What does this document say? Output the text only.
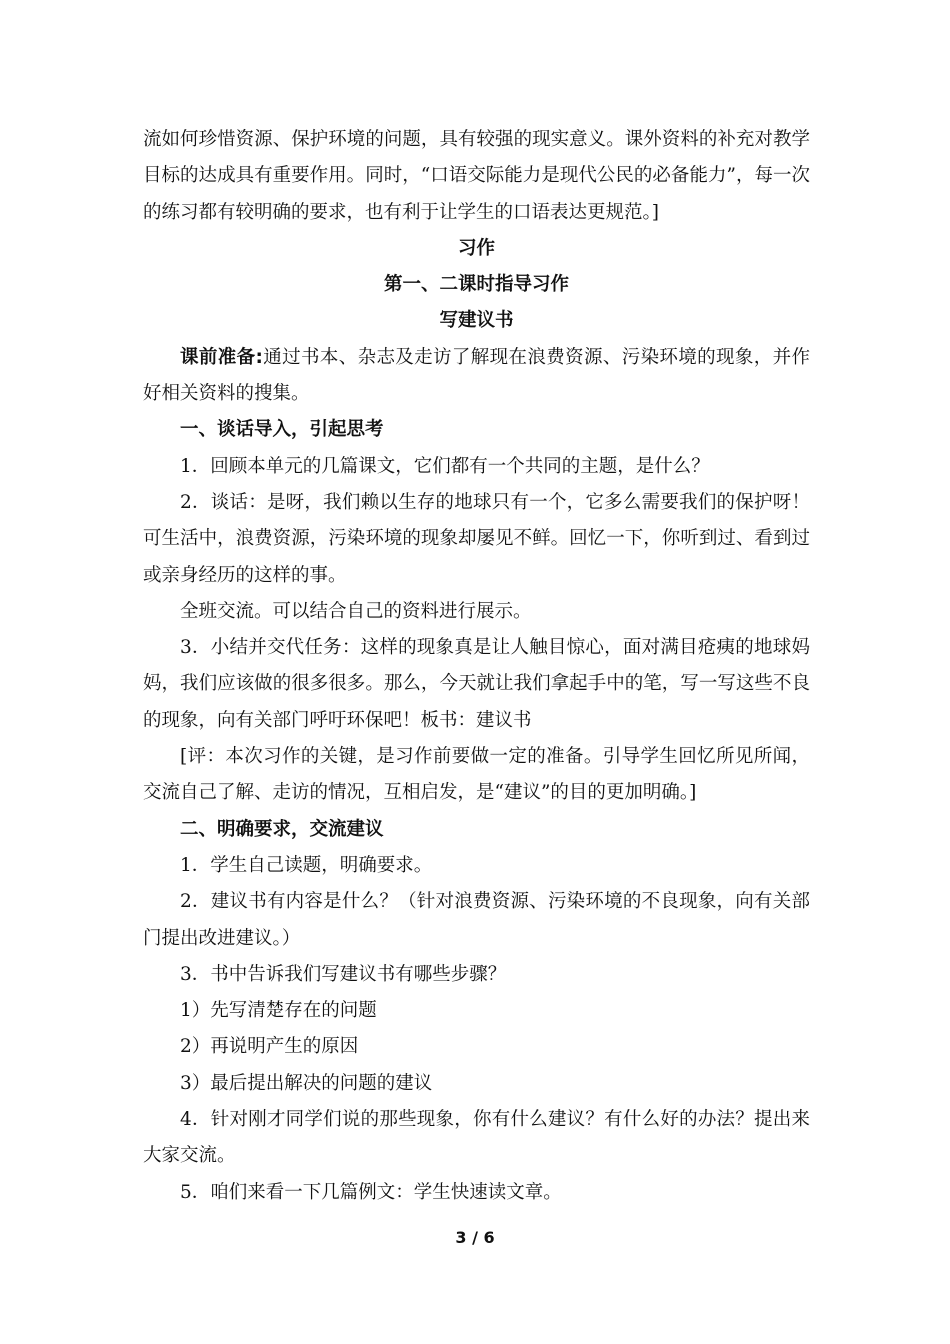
流如何珍惜资源、保护环境的问题，具有较强的现实意义。课外资料的补充对教学目标的达成具有重要作用。同时，“口语交际能力是现代公民的必备能力”，每一次的练习都有较明确的要求，也有利于让学生的口语表达更规范。]

习作

第一、二课时指导习作

写建议书

课前准备:通过书本、杂志及走访了解现在浪费资源、污染环境的现象，并作好相关资料的搜集。

一、谈话导入，引起思考

1．回顾本单元的几篇课文，它们都有一个共同的主题，是什么？

2．谈话：是呀，我们赖以生存的地球只有一个，它多么需要我们的保护呀！可生活中，浪费资源，污染环境的现象却屡见不鲜。回忆一下，你听到过、看到过或亲身经历的这样的事。

全班交流。可以结合自己的资料进行展示。

3．小结并交代任务：这样的现象真是让人触目惊心，面对满目疮痍的地球妈妈，我们应该做的很多很多。那么，今天就让我们拿起手中的笔，写一写这些不良的现象，向有关部门呼吁环保吧！板书：建议书

[评：本次习作的关键，是习作前要做一定的准备。引导学生回忆所见所闻，交流自己了解、走访的情况，互相启发，是“建议”的目的更加明确。]

二、明确要求，交流建议

1．学生自己读题，明确要求。

2．建议书有内容是什么？（针对浪费资源、污染环境的不良现象，向有关部门提出改进建议。）

3．书中告诉我们写建议书有哪些步骤？

1）先写清楚存在的问题

2）再说明产生的原因

3）最后提出解决的问题的建议

4．针对刚才同学们说的那些现象，你有什么建议？有什么好的办法？提出来大家交流。

5．咱们来看一下几篇例文：学生快速读文章。

3 / 6
